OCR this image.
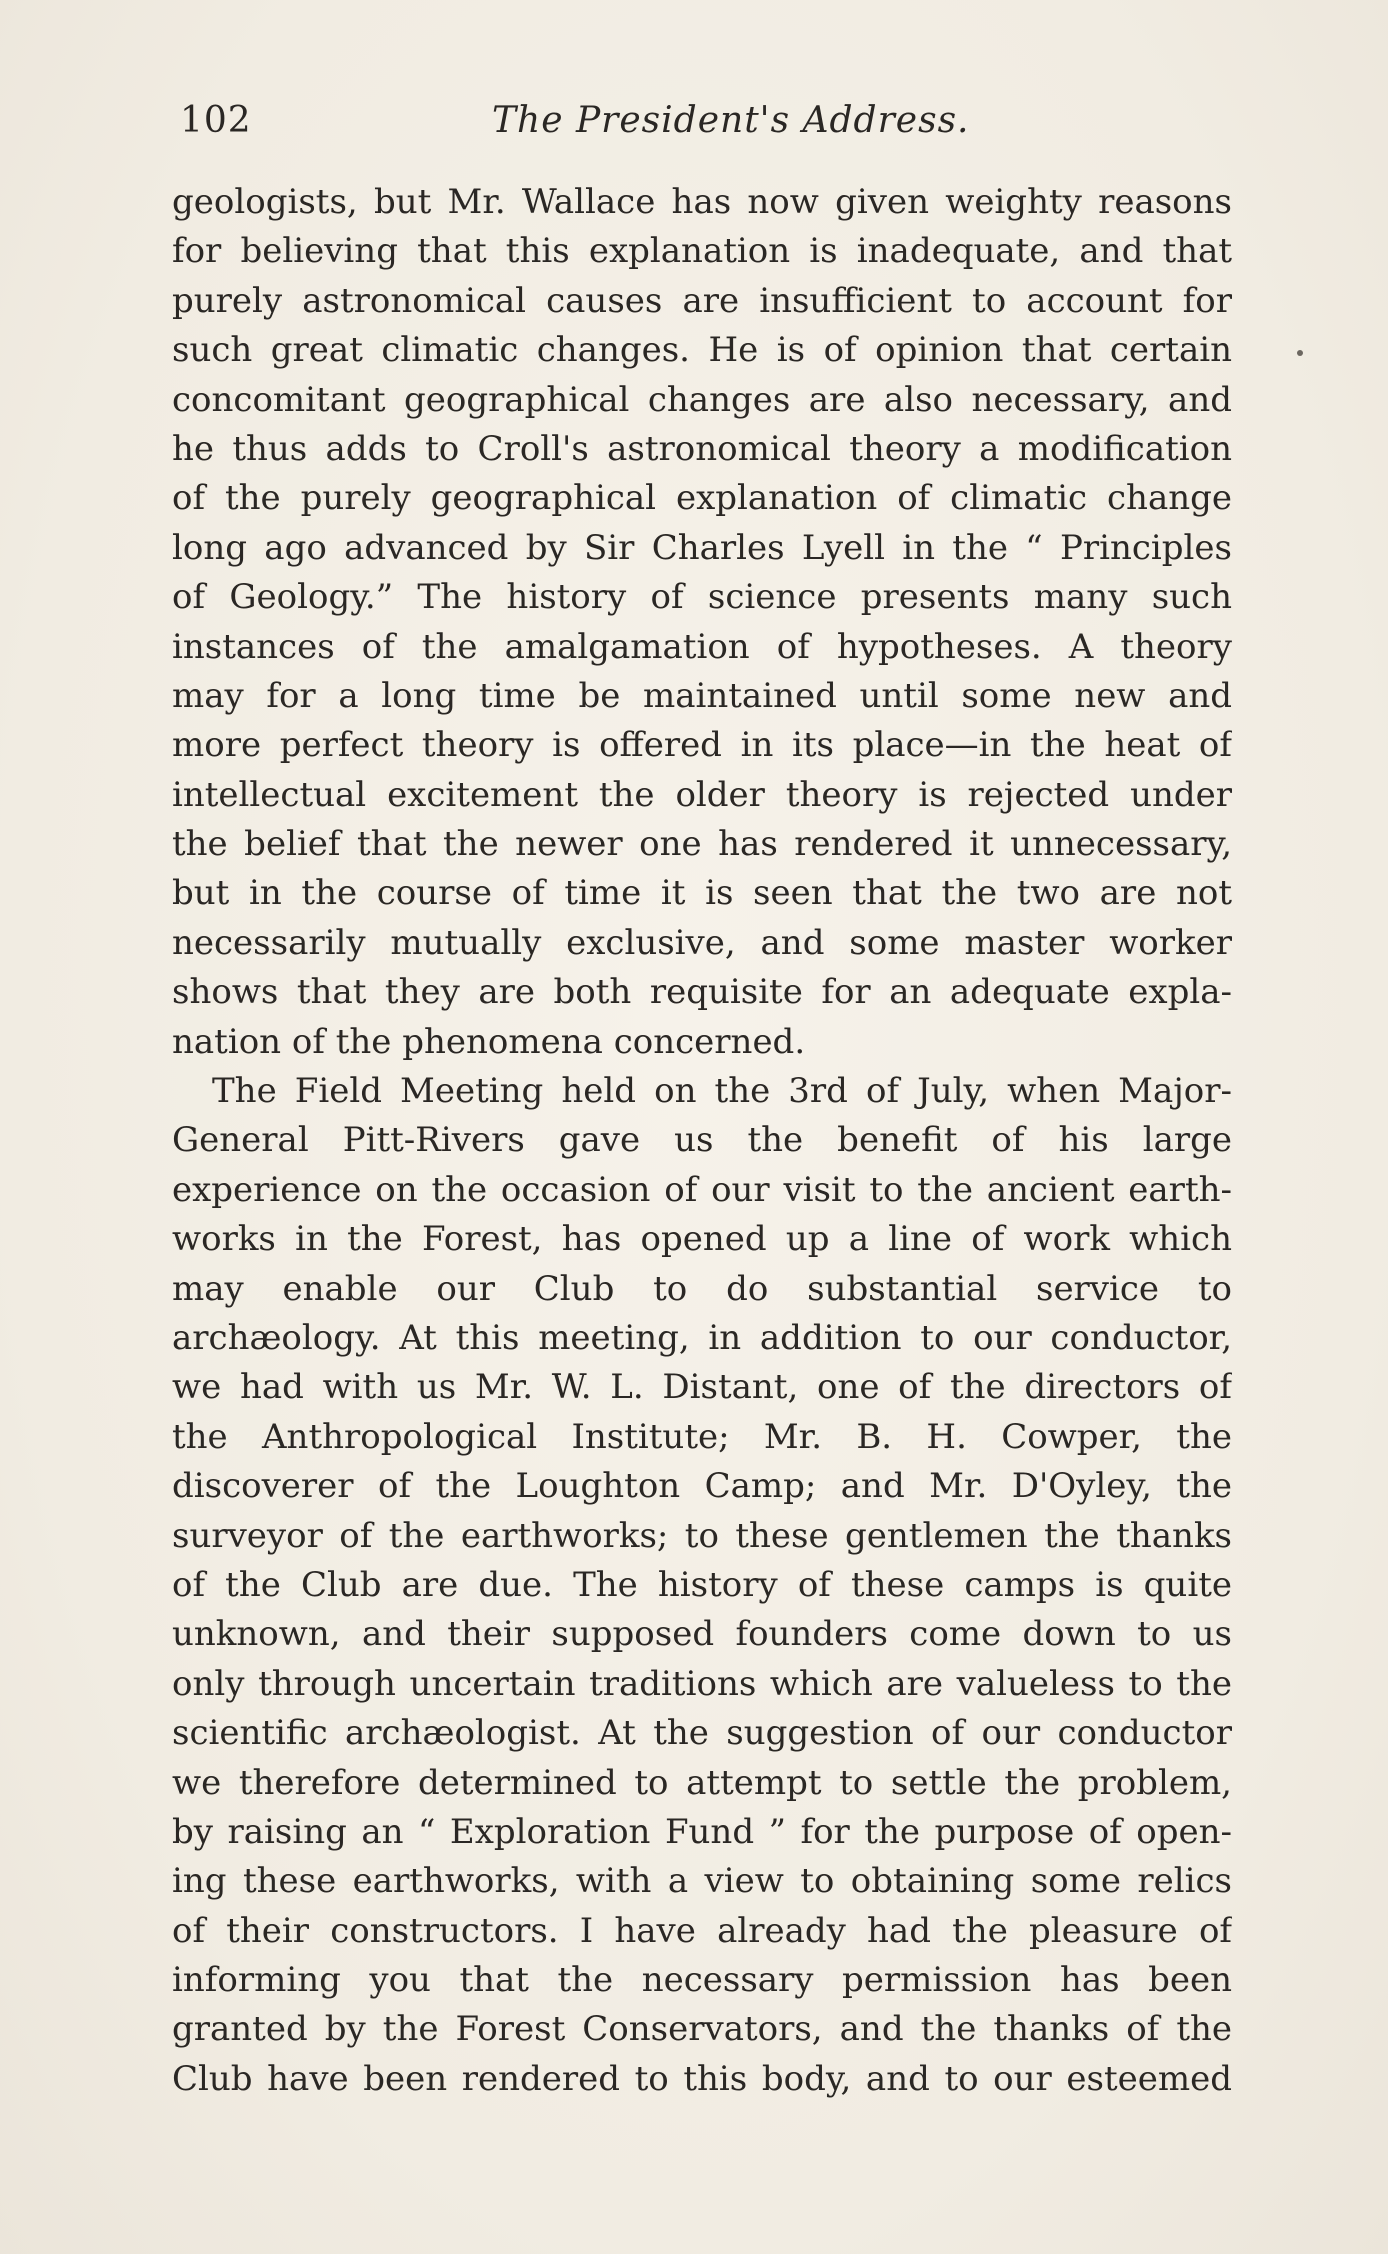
102	The President's Address.
geologists, but Mr. Wallace has now given weighty reasons
for believing that this explanation is inadequate, and that
purely astronomical causes are insufficient to account for
such great climatic changes. He is of opinion that certain
concomitant geographical changes are also necessary, and
he thus adds to Croll's astronomical theory a modification
of the purely geographical explanation of climatic change
long ago advanced by Sir Charles Lyell in the “ Principles
of Geology.” The history of science presents many such
instances of the amalgamation of hypotheses. A theory
may for a long time be maintained until some new and
more perfect theory is offered in its place—in the heat of
intellectual excitement the older theory is rejected under
the belief that the newer one has rendered it unnecessary,
but in the course of time it is seen that the two are not
necessarily mutually exclusive, and some master worker
shows that they are both requisite for an adequate expla-
nation of the phenomena concerned.
The Field Meeting held on the 3rd of July, when Major-
General Pitt-Rivers gave us the benefit of his large
experience on the occasion of our visit to the ancient earth-
works in the Forest, has opened up a line of work which
may enable our Club to do substantial service to
archæology. At this meeting, in addition to our conductor,
we had with us Mr. W. L. Distant, one of the directors of
the Anthropological Institute; Mr. B. H. Cowper, the
discoverer of the Loughton Camp; and Mr. D'Oyley, the
surveyor of the earthworks; to these gentlemen the thanks
of the Club are due. The history of these camps is quite
unknown, and their supposed founders come down to us
only through uncertain traditions which are valueless to the
scientific archæologist. At the suggestion of our conductor
we therefore determined to attempt to settle the problem,
by raising an “ Exploration Fund ” for the purpose of open-
ing these earthworks, with a view to obtaining some relics
of their constructors. I have already had the pleasure of
informing you that the necessary permission has been
granted by the Forest Conservators, and the thanks of the
Club have been rendered to this body, and to our esteemed
